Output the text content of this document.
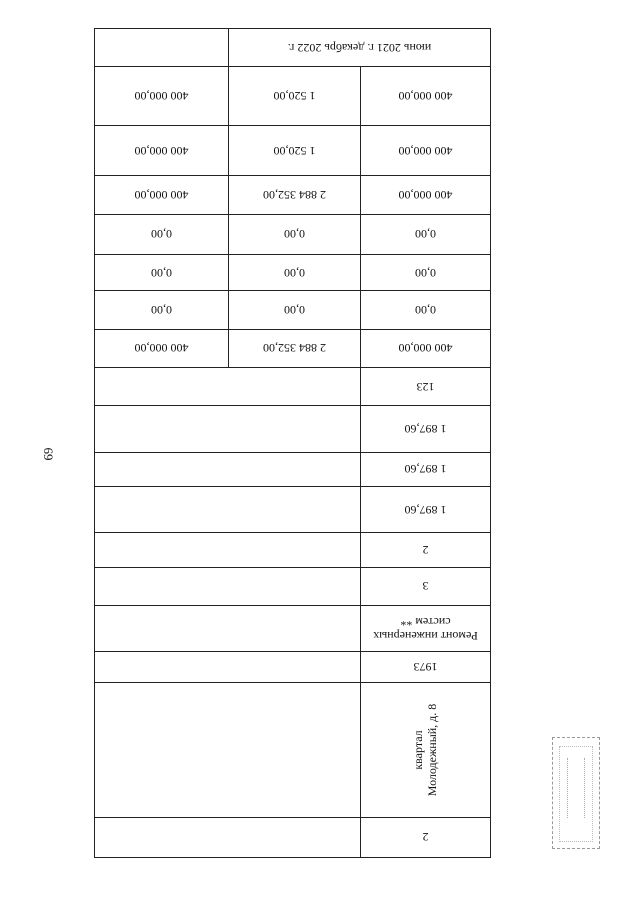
69
2		
квартал Молодежный, д. 8		
1973		
Ремонт инженерных систем **		
3		
2		
1 897,60		
1 897,60		
1 897,60		
123		
400 000,00	2 884 352,00	400 000,00
0,00	0,00	0,00
0,00	0,00	0,00
0,00	0,00	0,00
400 000,00	2 884 352,00	400 000,00
400 000,00	1 520,00	400 000,00
400 000,00	1 520,00	400 000,00
июнь 2021 г. декабрь 2022 г.		
